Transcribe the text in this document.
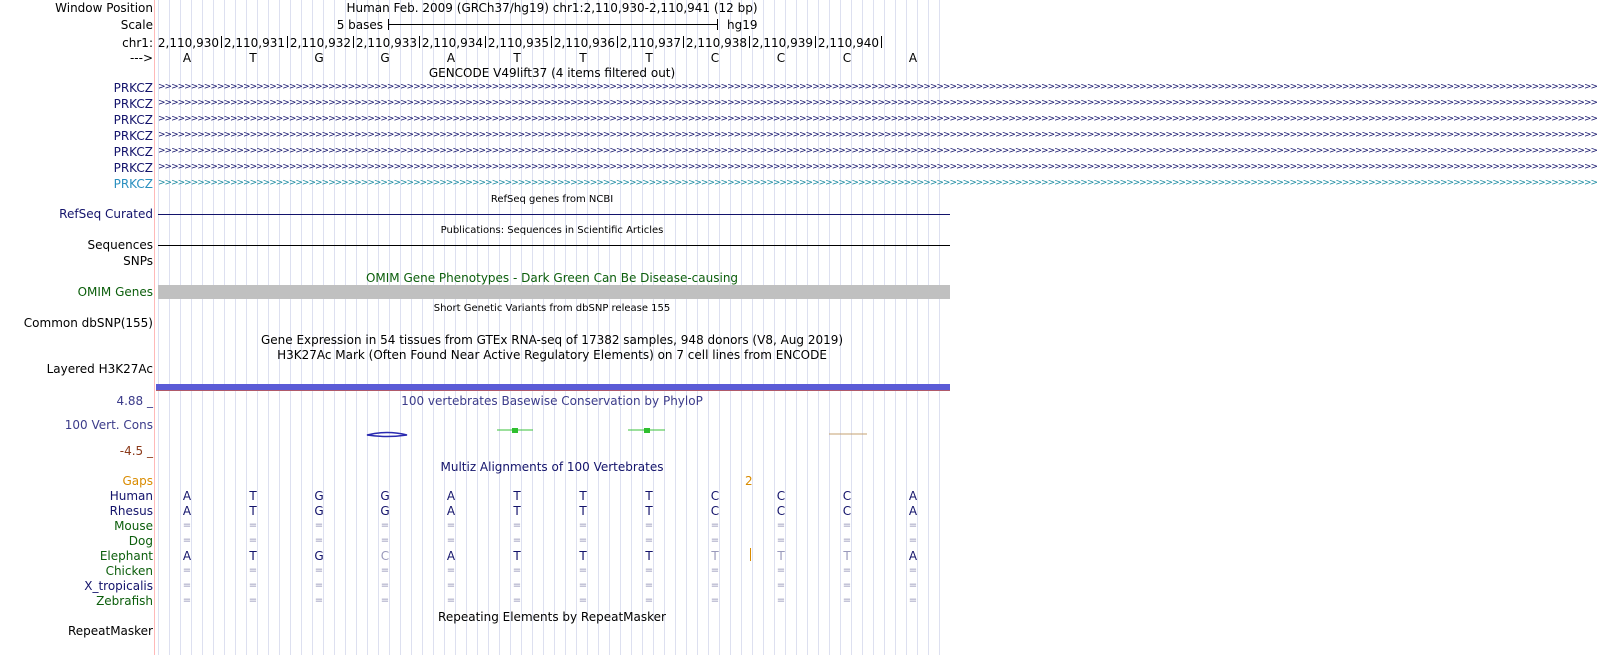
Window Position	Human Feb. 2009 (GRCh37/hg19) chr1:2,110,930-2,110,941 (12 bp)
Scale	5 bases	hg19
chr1: 2,110,930 2,110,931 2,110,932 2,110,933 2,110,934 2,110,935 2,110,936 2,110,937 2,110,938 2,110,939 2,110,940
---> A	T	G	G	A	T	T	T	C	C	C	A
GENCODE V49lift37 (4 items filtered out)
PRKCZ >>>>>>>>>>>>>>>>>>>>>>>>>>>>>>>>>>>>>>>>>>>>>>>>>>>>>>>>>>>>>>>>>>>>>>>>>>>>>>>>>>>>>>>>>>>>>>>>>>>>>>>>>>>>>>>>>>>>>>>>>>>>>>>>>>>>>>>>>>>>>>>>>>>>>>>>>>>>>>>>>>>>>>>>>>>>>>>>>>>>>>>>>>>>>>>>>>>>>>>>>>>>>>>>>>>>>>>>>>>>
PRKCZ >>>>>>>>>>>>>>>>>>>>>>>>>>>>>>>>>>>>>>>>>>>>>>>>>>>>>>>>>>>>>>>>>>>>>>>>>>>>>>>>>>>>>>>>>>>>>>>>>>>>>>>>>>>>>>>>>>>>>>>>>>>>>>>>>>>>>>>>>>>>>>>>>>>>>>>>>>>>>>>>>>>>>>>>>>>>>>>>>>>>>>>>>>>>>>>>>>>>>>>>>>>>>>>>>>>>>>>>>>>>
PRKCZ >>>>>>>>>>>>>>>>>>>>>>>>>>>>>>>>>>>>>>>>>>>>>>>>>>>>>>>>>>>>>>>>>>>>>>>>>>>>>>>>>>>>>>>>>>>>>>>>>>>>>>>>>>>>>>>>>>>>>>>>>>>>>>>>>>>>>>>>>>>>>>>>>>>>>>>>>>>>>>>>>>>>>>>>>>>>>>>>>>>>>>>>>>>>>>>>>>>>>>>>>>>>>>>>>>>>>>>>>>>>
PRKCZ >>>>>>>>>>>>>>>>>>>>>>>>>>>>>>>>>>>>>>>>>>>>>>>>>>>>>>>>>>>>>>>>>>>>>>>>>>>>>>>>>>>>>>>>>>>>>>>>>>>>>>>>>>>>>>>>>>>>>>>>>>>>>>>>>>>>>>>>>>>>>>>>>>>>>>>>>>>>>>>>>>>>>>>>>>>>>>>>>>>>>>>>>>>>>>>>>>>>>>>>>>>>>>>>>>>>>>>>>>>>
PRKCZ >>>>>>>>>>>>>>>>>>>>>>>>>>>>>>>>>>>>>>>>>>>>>>>>>>>>>>>>>>>>>>>>>>>>>>>>>>>>>>>>>>>>>>>>>>>>>>>>>>>>>>>>>>>>>>>>>>>>>>>>>>>>>>>>>>>>>>>>>>>>>>>>>>>>>>>>>>>>>>>>>>>>>>>>>>>>>>>>>>>>>>>>>>>>>>>>>>>>>>>>>>>>>>>>>>>>>>>>>>>>
PRKCZ >>>>>>>>>>>>>>>>>>>>>>>>>>>>>>>>>>>>>>>>>>>>>>>>>>>>>>>>>>>>>>>>>>>>>>>>>>>>>>>>>>>>>>>>>>>>>>>>>>>>>>>>>>>>>>>>>>>>>>>>>>>>>>>>>>>>>>>>>>>>>>>>>>>>>>>>>>>>>>>>>>>>>>>>>>>>>>>>>>>>>>>>>>>>>>>>>>>>>>>>>>>>>>>>>>>>>>>>>>>>
PRKCZ >>>>>>>>>>>>>>>>>>>>>>>>>>>>>>>>>>>>>>>>>>>>>>>>>>>>>>>>>>>>>>>>>>>>>>>>>>>>>>>>>>>>>>>>>>>>>>>>>>>>>>>>>>>>>>>>>>>>>>>>>>>>>>>>>>>>>>>>>>>>>>>>>>>>>>>>>>>>>>>>>>>>>>>>>>>>>>>>>>>>>>>>>>>>>>>>>>>>>>>>>>>>>>>>>>>>>>>>>>>>
RefSeq genes from NCBI
RefSeq Curated
Publications: Sequences in Scientific Articles
Sequences
SNPs
OMIM Gene Phenotypes - Dark Green Can Be Disease-causing
OMIM Genes
Short Genetic Variants from dbSNP release 155
Common dbSNP(155)
Gene Expression in 54 tissues from GTEx RNA-seq of 17382 samples, 948 donors (V8, Aug 2019)
H3K27Ac Mark (Often Found Near Active Regulatory Elements) on 7 cell lines from ENCODE
Layered H3K27Ac
100 vertebrates Basewise Conservation by PhyloP
4.88 _
100 Vert. Cons
-4.5 _
Multiz Alignments of 100 Vertebrates
Gaps	2
Human A	T	G	G	A	T	T	T	C	C	C	A
Rhesus A	T	G	G	A	T	T	T	C	C	C	A
Mouse	=	=	=	=	=	=	=	=	=	=	=	=
Dog	=	=	=	=	=	=	=	=	=	=	=	=
Elephant A	T	G	C	A	T	T	T	T	T	T	A
Chicken	=	=	=	=	=	=	=	=	=	=	=	=
X_tropicalis	=	=	=	=	=	=	=	=	=	=	=	=
Zebrafish	=	=	=	=	=	=	=	=	=	=	=	=
Repeating Elements by RepeatMasker
RepeatMasker
